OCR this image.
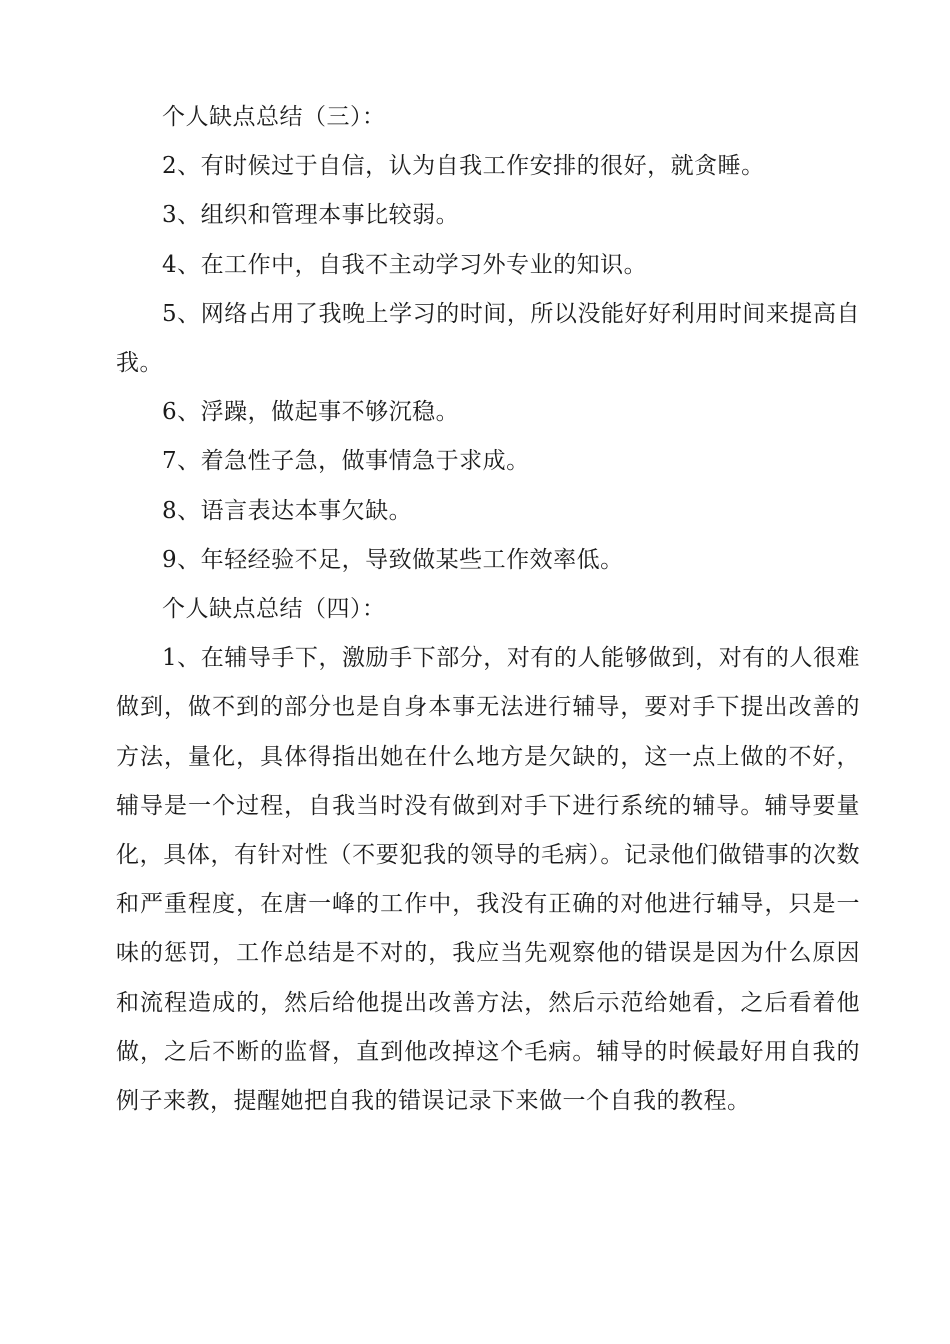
个人缺点总结（三）：

2、有时候过于自信，认为自我工作安排的很好，就贪睡。

3、组织和管理本事比较弱。

4、在工作中，自我不主动学习外专业的知识。

5、网络占用了我晚上学习的时间，所以没能好好利用时间来提高自我。

6、浮躁，做起事不够沉稳。

7、着急性子急，做事情急于求成。

8、语言表达本事欠缺。

9、年轻经验不足，导致做某些工作效率低。

个人缺点总结（四）：

1、在辅导手下，激励手下部分，对有的人能够做到，对有的人很难做到，做不到的部分也是自身本事无法进行辅导，要对手下提出改善的方法，量化，具体得指出她在什么地方是欠缺的，这一点上做的不好，辅导是一个过程，自我当时没有做到对手下进行系统的辅导。辅导要量化，具体，有针对性（不要犯我的领导的毛病）。记录他们做错事的次数和严重程度，在唐一峰的工作中，我没有正确的对他进行辅导，只是一味的惩罚，工作总结是不对的，我应当先观察他的错误是因为什么原因和流程造成的，然后给他提出改善方法，然后示范给她看，之后看着他做，之后不断的监督，直到他改掉这个毛病。辅导的时候最好用自我的例子来教，提醒她把自我的错误记录下来做一个自我的教程。
